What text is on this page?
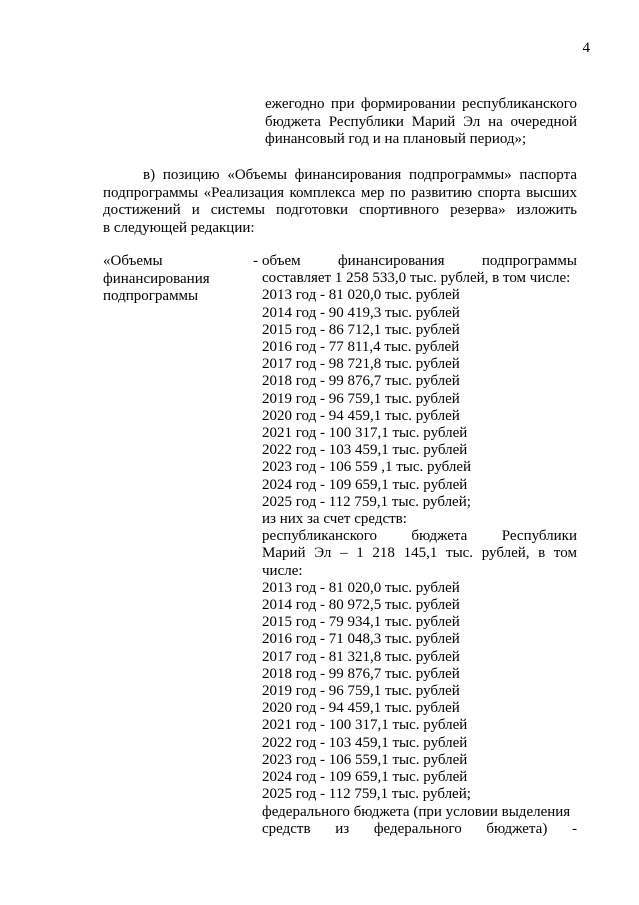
4
ежегодно при формировании республиканского
бюджета Республики Марий Эл на очередной
финансовый год и на плановый период»;
в) позицию «Объемы финансирования подпрограммы» паспорта
подпрограммы «Реализация комплекса мер по развитию спорта высших
достижений и системы подготовки спортивного резерва» изложить
в следующей редакции:
«Объемы	-
финансирования
подпрограммы
объем финансирования подпрограммы
составляет 1 258 533,0 тыс. рублей, в том числе:
2013 год - 81 020,0 тыс. рублей
2014 год - 90 419,3 тыс. рублей
2015 год - 86 712,1 тыс. рублей
2016 год - 77 811,4 тыс. рублей
2017 год - 98 721,8 тыс. рублей
2018 год - 99 876,7 тыс. рублей
2019 год - 96 759,1 тыс. рублей
2020 год - 94 459,1 тыс. рублей
2021 год - 100 317,1 тыс. рублей
2022 год - 103 459,1 тыс. рублей
2023 год - 106 559 ,1 тыс. рублей
2024 год - 109 659,1 тыс. рублей
2025 год - 112 759,1 тыс. рублей;
из них за счет средств:
республиканского бюджета Республики
Марий Эл – 1 218 145,1 тыс. рублей, в том
числе:
2013 год - 81 020,0 тыс. рублей
2014 год - 80 972,5 тыс. рублей
2015 год - 79 934,1 тыс. рублей
2016 год - 71 048,3 тыс. рублей
2017 год - 81 321,8 тыс. рублей
2018 год - 99 876,7 тыс. рублей
2019 год - 96 759,1 тыс. рублей
2020 год - 94 459,1 тыс. рублей
2021 год - 100 317,1 тыс. рублей
2022 год - 103 459,1 тыс. рублей
2023 год - 106 559,1 тыс. рублей
2024 год - 109 659,1 тыс. рублей
2025 год - 112 759,1 тыс. рублей;
федерального бюджета (при условии выделения
средств из федерального бюджета) -
